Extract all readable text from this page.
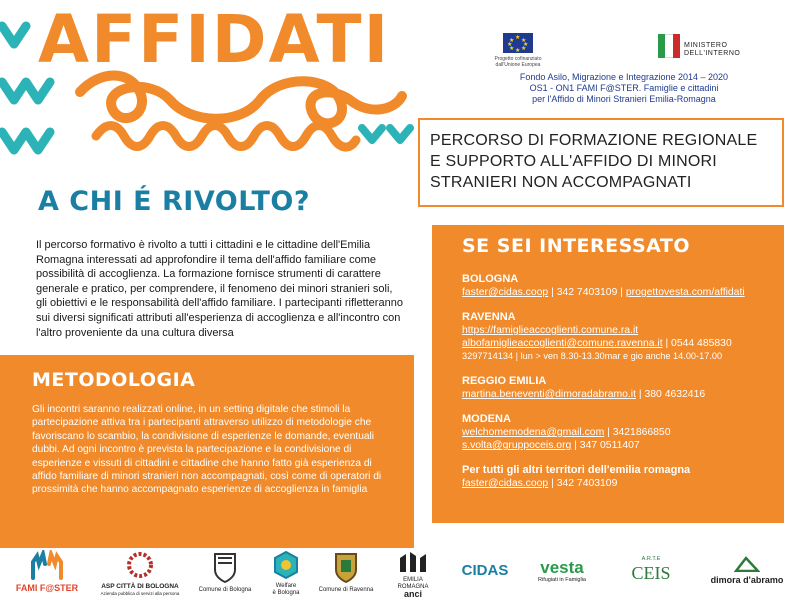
AFFIDATI	★
★ ★
★ ★
★ ★
★
Progetto cofinanziato
dall'Unione Europea
MINISTERO
DELL'INTERNO
Fondo Asilo, Migrazione e Integrazione 2014 – 2020
OS1 - ON1 FAMI F@STER. Famiglie e cittadini
per l'Affido di Minori Stranieri Emilia-Romagna
PERCORSO DI FORMAZIONE REGIONALE
E SUPPORTO ALL'AFFIDO DI MINORI
STRANIERI NON ACCOMPAGNATI
A CHI É RIVOLTO?
Il percorso formativo è rivolto a tutti i cittadini e le cittadine dell'Emilia Romagna interessati ad approfondire il tema dell'affido familiare come possibilità di accoglienza. La formazione fornisce strumenti di carattere generale e pratico, per comprendere, il fenomeno dei minori stranieri soli, gli obiettivi e le responsabilità dell'affido familiare. I partecipanti rifletteranno sui diversi significati attributi all'esperienza di accoglienza e all'incontro con l'altro proveniente da una cultura diversa
METODOLOGIA

Gli incontri saranno realizzati online, in un setting digitale che stimoli la partecipazione attiva tra i partecipanti attraverso utilizzo di metodologie che favoriscano lo scambio, la condivisione di esperienze le domande, eventuali dubbi. Ad ogni incontro è prevista la partecipazione e la condivisione di esperienze e vissuti di cittadini e cittadine che hanno fatto già esperienza di affido familiare di minori stranieri non accompagnati, così come di operatori di prossimità che hanno accompagnato esperienze di accoglienza in famiglia

SE SEI INTERESSATO
BOLOGNA
faster@cidas.coop | 342 7403109 | progettovesta.com/affidati
RAVENNA
https://famiglieaccoglienti.comune.ra.it
albofamiglieaccoglienti@comune.ravenna.it | 0544 485830
3297714134 | lun > ven 8.30-13.30mar e gio anche 14.00-17.00
REGGIO EMILIA
martina.beneventi@dimoradabramo.it | 380 4632416
MODENA
welchomemodena@gmail.com | 3421866850
s.volta@gruppoceis.org | 347 0511407
Per tutti gli altri territori dell'emilia romagna
faster@cidas.coop | 342 7403109
FAMI F@STER	ASP CITTÀ DI BOLOGNA
Azienda pubblica di servizi alla persona
Comune di Bologna
Welfare
è Bologna	Comune di Ravenna
EMILIA
ROMAGNA
anci
CIDAS	vesta
Rifugiati in Famiglia
A.R.T.E
CEIS	dimora d'abramo
